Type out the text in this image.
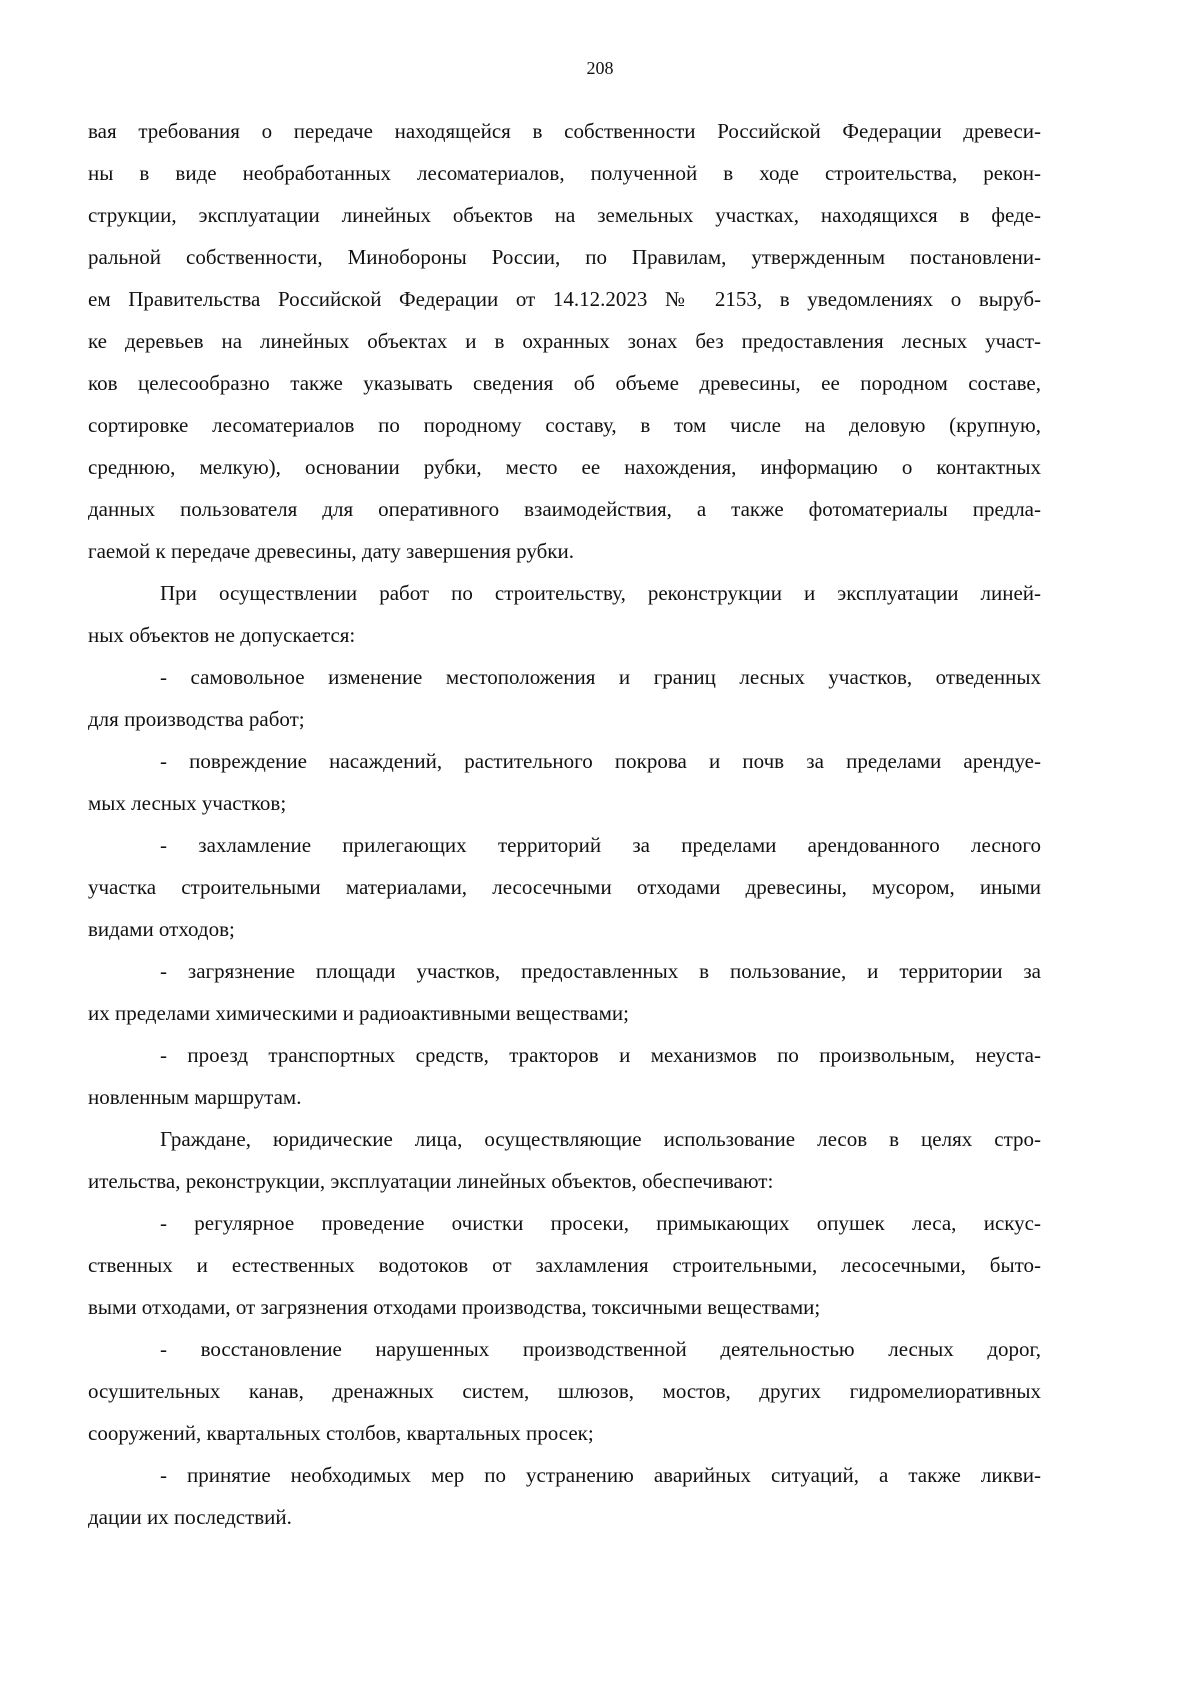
208
вая требования о передаче находящейся в собственности Российской Федерации древеси-
ны в виде необработанных лесоматериалов, полученной в ходе строительства, рекон-
струкции, эксплуатации линейных объектов на земельных участках, находящихся в феде-
ральной собственности, Минобороны России, по Правилам, утвержденным постановлени-
ем Правительства Российской Федерации от 14.12.2023 № 2153, в уведомлениях о выруб-
ке деревьев на линейных объектах и в охранных зонах без предоставления лесных участ-
ков целесообразно также указывать сведения об объеме древесины, ее породном составе,
сортировке лесоматериалов по породному составу, в том числе на деловую (крупную,
среднюю, мелкую), основании рубки, место ее нахождения, информацию о контактных
данных пользователя для оперативного взаимодействия, а также фотоматериалы предла-
гаемой к передаче древесины, дату завершения рубки.
При осуществлении работ по строительству, реконструкции и эксплуатации линей-
ных объектов не допускается:
- самовольное изменение местоположения и границ лесных участков, отведенных
для производства работ;
- повреждение насаждений, растительного покрова и почв за пределами арендуе-
мых лесных участков;
- захламление прилегающих территорий за пределами арендованного лесного
участка строительными материалами, лесосечными отходами древесины, мусором, иными
видами отходов;
- загрязнение площади участков, предоставленных в пользование, и территории за
их пределами химическими и радиоактивными веществами;
- проезд транспортных средств, тракторов и механизмов по произвольным, неуста-
новленным маршрутам.
Граждане, юридические лица, осуществляющие использование лесов в целях стро-
ительства, реконструкции, эксплуатации линейных объектов, обеспечивают:
- регулярное проведение очистки просеки, примыкающих опушек леса, искус-
ственных и естественных водотоков от захламления строительными, лесосечными, быто-
выми отходами, от загрязнения отходами производства, токсичными веществами;
- восстановление нарушенных производственной деятельностью лесных дорог,
осушительных канав, дренажных систем, шлюзов, мостов, других гидромелиоративных
сооружений, квартальных столбов, квартальных просек;
- принятие необходимых мер по устранению аварийных ситуаций, а также ликви-
дации их последствий.
